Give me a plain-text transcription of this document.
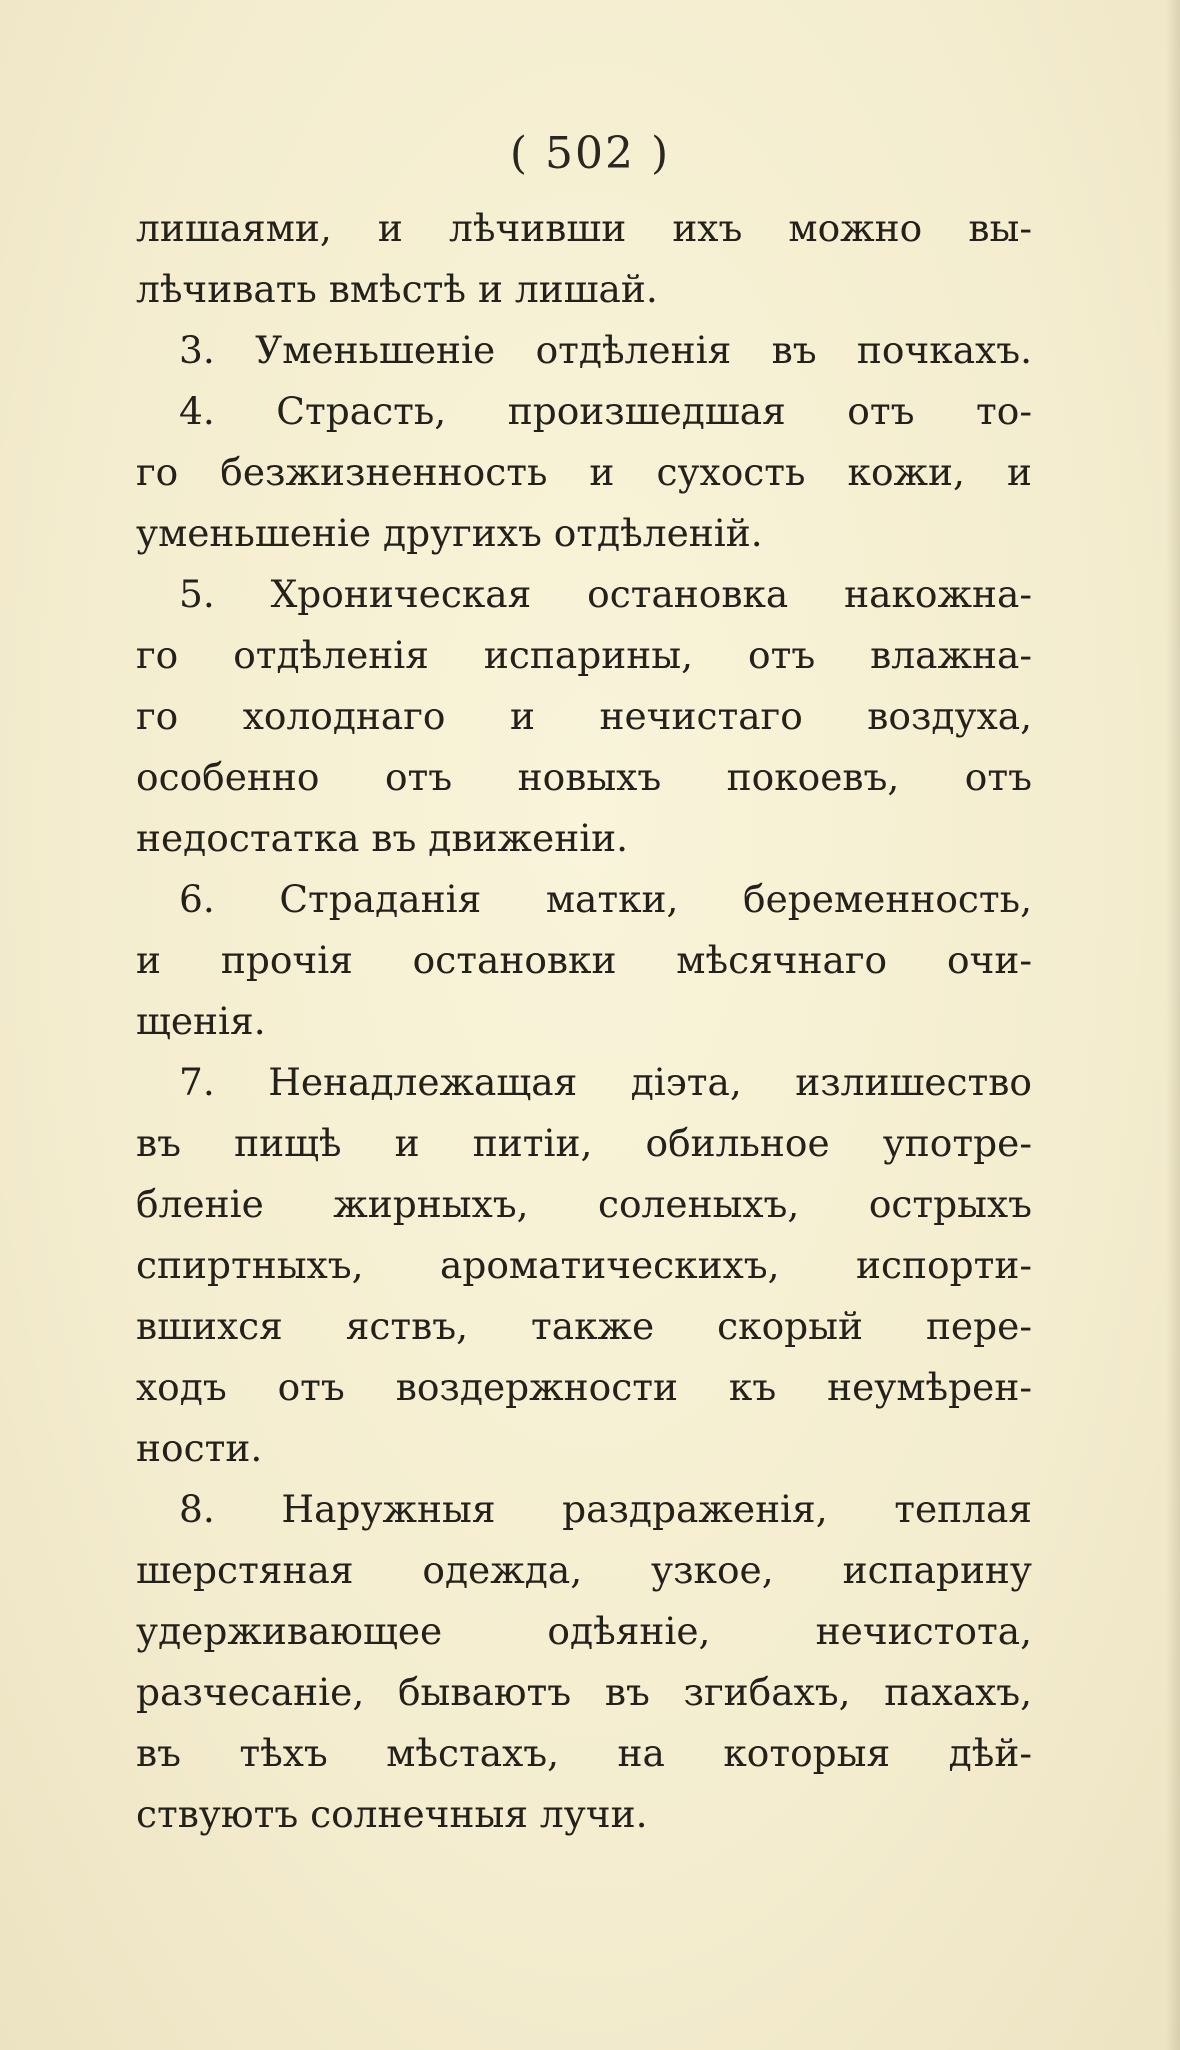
( 502 )
лишаями, и лѣчивши ихъ можно вы-
лѣчивать вмѣстѣ и лишай.
3. Уменьшенiе отдѣленiя въ почкахъ.
4. Страсть, произшедшая отъ то-
го безжизненность и сухость кожи, и
уменьшенiе другихъ отдѣленiй.
5. Хроническая остановка накожна-
го отдѣленiя испарины, отъ влажна-
го холоднаго и нечистаго воздуха,
особенно отъ новыхъ покоевъ, отъ
недостатка въ движенiи.
6. Страданiя матки, беременность,
и прочiя остановки мѣсячнаго очи-
щенiя.
7. Ненадлежащая дiэта, излишество
въ пищѣ и питiи, обильное употре-
бленiе жирныхъ, соленыхъ, острыхъ
спиртныхъ, ароматическихъ, испорти-
вшихся яствъ, также скорый пере-
ходъ отъ воздержности къ неумѣрен-
ности.
8. Наружныя раздраженiя, теплая
шерстяная одежда, узкое, испарину
удерживающее одѣянiе, нечистота,
разчесанiе, бываютъ въ згибахъ, пахахъ,
въ тѣхъ мѣстахъ, на которыя дѣй-
ствуютъ солнечныя лучи.
